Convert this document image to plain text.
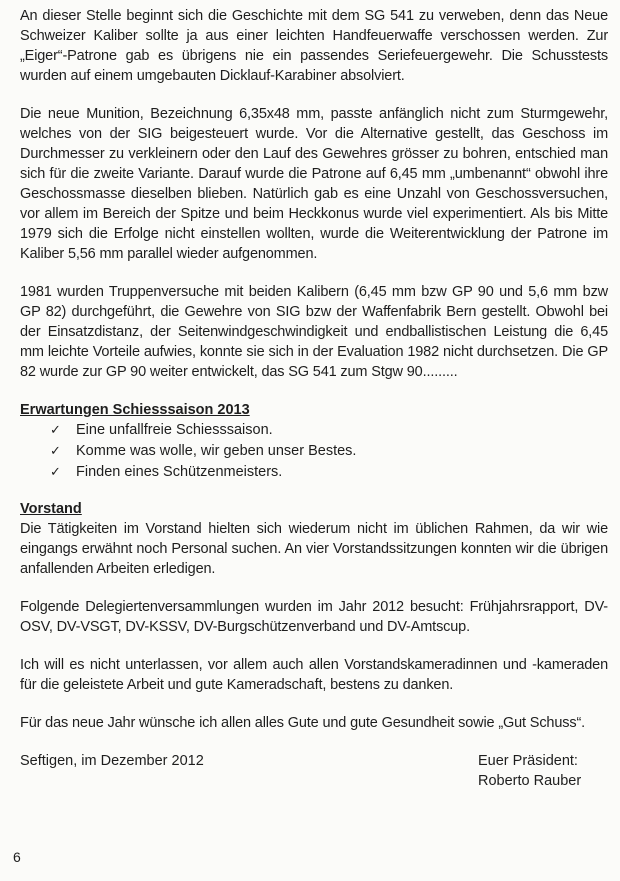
An dieser Stelle beginnt sich die Geschichte mit dem SG 541 zu verweben, denn das Neue Schweizer Kaliber sollte ja aus einer leichten Handfeuerwaffe verschossen werden. Zur „Eiger“-Patrone gab es übrigens nie ein passendes Seriefeuergewehr. Die Schusstests wurden auf einem umgebauten Dicklauf-Karabiner absolviert.

Die neue Munition, Bezeichnung 6,35x48 mm, passte anfänglich nicht zum Sturmgewehr, welches von der SIG beigesteuert wurde. Vor die Alternative gestellt, das Geschoss im Durchmesser zu verkleinern oder den Lauf des Gewehres grösser zu bohren, entschied man sich für die zweite Variante. Darauf wurde die Patrone auf 6,45 mm „umbenannt“ obwohl ihre Geschossmasse dieselben blieben. Natürlich gab es eine Unzahl von Geschossversuchen, vor allem im Bereich der Spitze und beim Heckkonus wurde viel experimentiert. Als bis Mitte 1979 sich die Erfolge nicht einstellen wollten, wurde die Weiterentwicklung der Patrone im Kaliber 5,56 mm parallel wieder aufgenommen.

1981 wurden Truppenversuche mit beiden Kalibern (6,45 mm bzw GP 90 und 5,6 mm bzw GP 82) durchgeführt, die Gewehre von SIG bzw der Waffenfabrik Bern gestellt. Obwohl bei der Einsatzdistanz, der Seitenwindgeschwindigkeit und endballistischen Leistung die 6,45 mm leichte Vorteile aufwies, konnte sie sich in der Evaluation 1982 nicht durchsetzen. Die GP 82 wurde zur GP 90 weiter entwickelt, das SG 541 zum Stgw 90.........

Erwartungen Schiesssaison 2013
✓	Eine unfallfreie Schiesssaison.
✓	Komme was wolle, wir geben unser Bestes.
✓	Finden eines Schützenmeisters.
Vorstand

Die Tätigkeiten im Vorstand hielten sich wiederum nicht im üblichen Rahmen, da wir wie eingangs erwähnt noch Personal suchen. An vier Vorstandssitzungen konnten wir die übrigen anfallenden Arbeiten erledigen.

Folgende Delegiertenversammlungen wurden im Jahr 2012 besucht: Frühjahrsrapport, DV-OSV, DV-VSGT, DV-KSSV, DV-Burgschützenverband und DV-Amtscup.

Ich will es nicht unterlassen, vor allem auch allen Vorstandskameradinnen und -kameraden für die geleistete Arbeit und gute Kameradschaft, bestens zu danken.

Für das neue Jahr wünsche ich allen alles Gute und gute Gesundheit sowie „Gut Schuss“.

Seftigen, im Dezember 2012	Euer Präsident:
Roberto Rauber
6
